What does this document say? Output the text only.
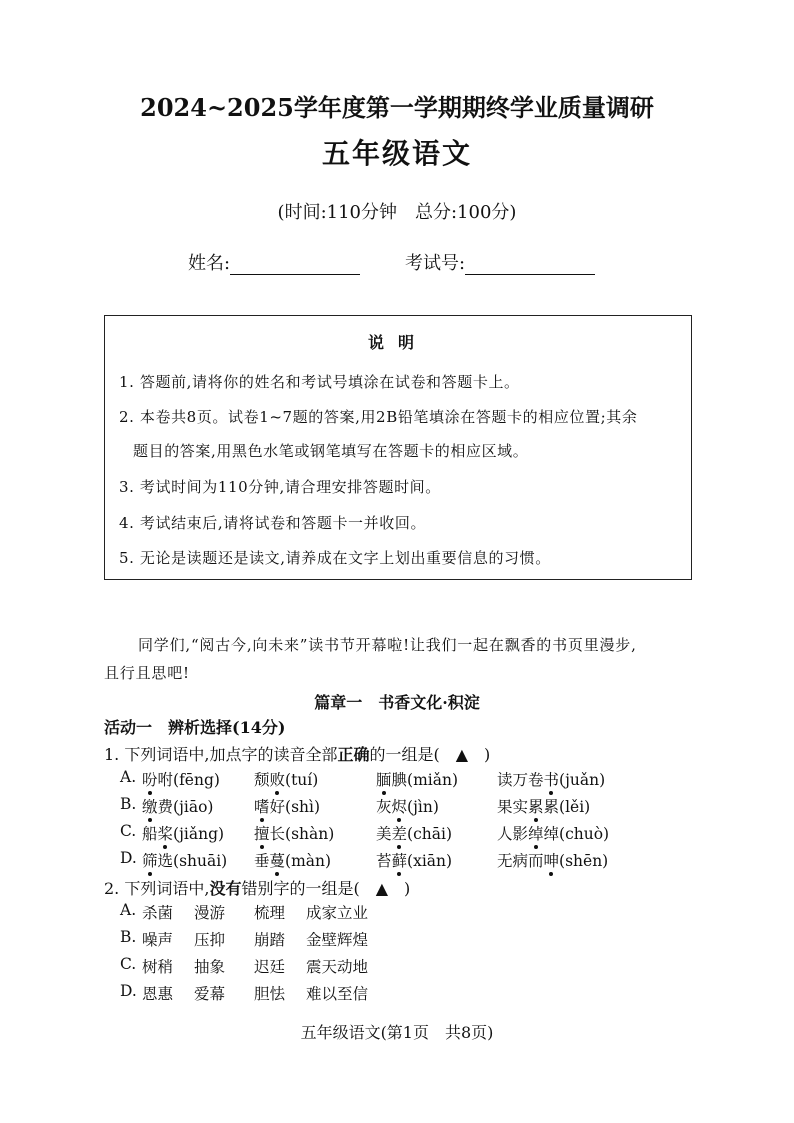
2024~2025学年度第一学期期终学业质量调研
五年级语文
(时间:110分钟　总分:100分)
姓名:	考试号:
说明
1. 答题前,请将你的姓名和考试号填涂在试卷和答题卡上。
2. 本卷共8页。试卷1~7题的答案,用2B铅笔填涂在答题卡的相应位置;其余
题目的答案,用黑色水笔或钢笔填写在答题卡的相应区域。
3. 考试时间为110分钟,请合理安排答题时间。
4. 考试结束后,请将试卷和答题卡一并收回。
5. 无论是读题还是读文,请养成在文字上划出重要信息的习惯。
同学们,“阅古今,向未来”读书节开幕啦!让我们一起在飘香的书页里漫步,
且行且思吧!
篇章一　书香文化·积淀
活动一　辨析选择(14分)
1. 下列词语中,加点字的读音全部正确的一组是(　▲　)
A. 吩咐(fēng) 颓败(tuí)	腼腆(miǎn)	读万卷书(juǎn)
B. 缴费(jiāo)	嗜好(shì)	灰烬(jìn)	果实累累(lěi)
C. 船桨(jiǎng) 擅长(shàn)	美差(chāi)	人影绰绰(chuò)
D. 筛选(shuāi) 垂蔓(màn)	苔藓(xiān)	无病而呻(shēn)
2. 下列词语中,没有错别字的一组是(　▲　)
A. 杀菌 漫游 梳理 成家立业
B. 噪声 压抑 崩踏 金壁辉煌
C. 树稍 抽象 迟廷 震天动地
D. 恩惠 爱幕 胆怯 难以至信
五年级语文(第1页　共8页)
